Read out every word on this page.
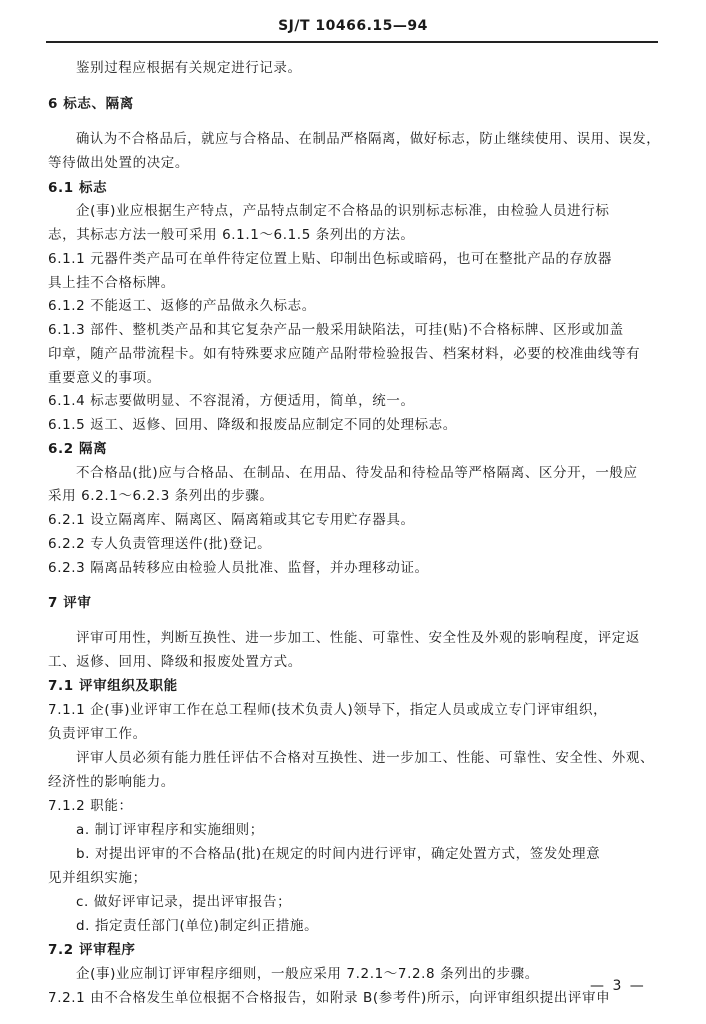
SJ/T 10466.15—94
鉴别过程应根据有关规定进行记录。
6 标志、隔离
确认为不合格品后，就应与合格品、在制品严格隔离，做好标志，防止继续使用、误用、误发，
等待做出处置的决定。
6.1 标志
企(事)业应根据生产特点，产品特点制定不合格品的识别标志标准，由检验人员进行标
志，其标志方法一般可采用 6.1.1～6.1.5 条列出的方法。
6.1.1 元器件类产品可在单件待定位置上贴、印制出色标或暗码，也可在整批产品的存放器
具上挂不合格标牌。
6.1.2 不能返工、返修的产品做永久标志。
6.1.3 部件、整机类产品和其它复杂产品一般采用缺陷法，可挂(贴)不合格标牌、区形或加盖
印章，随产品带流程卡。如有特殊要求应随产品附带检验报告、档案材料，必要的校准曲线等有
重要意义的事项。
6.1.4 标志要做明显、不容混淆，方便适用，简单，统一。
6.1.5 返工、返修、回用、降级和报废品应制定不同的处理标志。
6.2 隔离
不合格品(批)应与合格品、在制品、在用品、待发品和待检品等严格隔离、区分开，一般应
采用 6.2.1～6.2.3 条列出的步骤。
6.2.1 设立隔离库、隔离区、隔离箱或其它专用贮存器具。
6.2.2 专人负责管理送件(批)登记。
6.2.3 隔离品转移应由检验人员批准、监督，并办理移动证。
7 评审
评审可用性，判断互换性、进一步加工、性能、可靠性、安全性及外观的影响程度，评定返
工、返修、回用、降级和报废处置方式。
7.1 评审组织及职能
7.1.1 企(事)业评审工作在总工程师(技术负责人)领导下，指定人员或成立专门评审组织，
负责评审工作。
评审人员必须有能力胜任评估不合格对互换性、进一步加工、性能、可靠性、安全性、外观、
经济性的影响能力。
7.1.2 职能：
a. 制订评审程序和实施细则；
b. 对提出评审的不合格品(批)在规定的时间内进行评审，确定处置方式，签发处理意
见并组织实施；
c. 做好评审记录，提出评审报告；
d. 指定责任部门(单位)制定纠正措施。
7.2 评审程序
企(事)业应制订评审程序细则，一般应采用 7.2.1～7.2.8 条列出的步骤。
7.2.1 由不合格发生单位根据不合格报告，如附录 B(参考件)所示，向评审组织提出评审申
— 3 —
